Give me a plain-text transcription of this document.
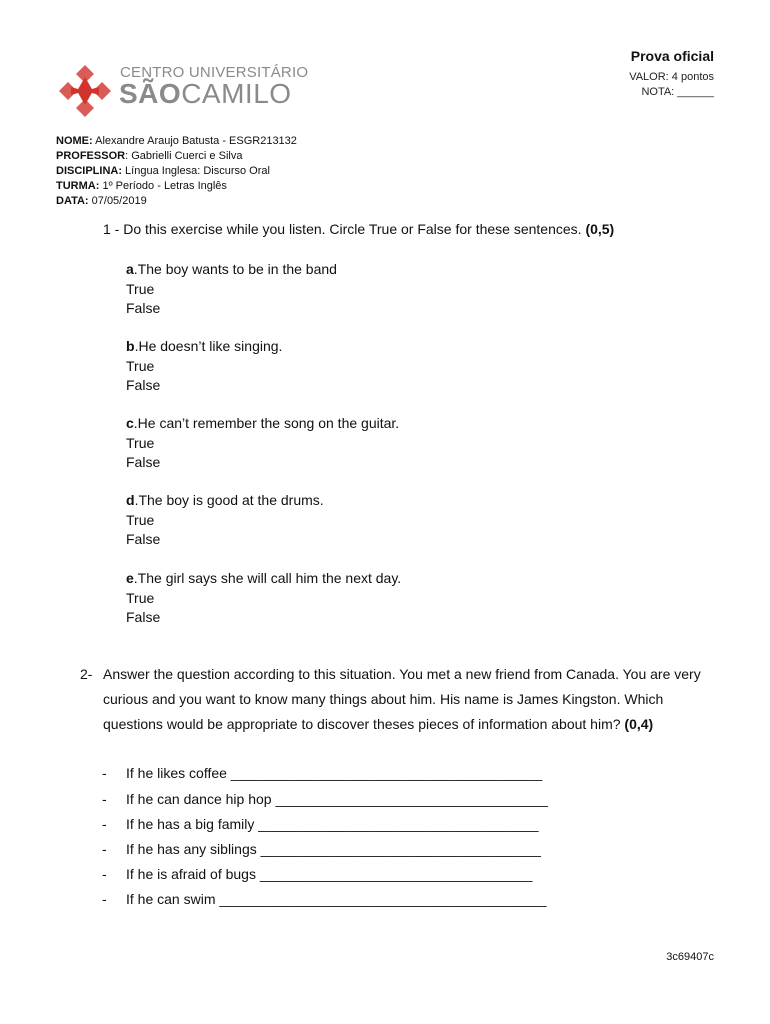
CENTRO UNIVERSITÁRIO
SÃOCAMILO
Prova oficial
VALOR: 4 pontos
NOTA: ______
NOME: Alexandre Araujo Batusta - ESGR213132
PROFESSOR: Gabrielli Cuerci e Silva
DISCIPLINA: Língua Inglesa: Discurso Oral
TURMA: 1º Período - Letras Inglês
DATA: 07/05/2019
1 - Do this exercise while you listen. Circle True or False for these sentences. (0,5)
a.The boy wants to be in the band
True
False
b.He doesn’t like singing.
True
False
c.He can’t remember the song on the guitar.
True
False
d.The boy is good at the drums.
True
False
e.The girl says she will call him the next day.
True
False
2- Answer the question according to this situation. You met a new friend from Canada. You are very curious and you want to know many things about him. His name is James Kingston. Which questions would be appropriate to discover theses pieces of information about him? (0,4)
- If he likes coffee ________________________________________
- If he can dance hip hop ___________________________________
- If he has a big family ____________________________________
- If he has any siblings ____________________________________
- If he is afraid of bugs ___________________________________
- If he can swim __________________________________________
3c69407c
